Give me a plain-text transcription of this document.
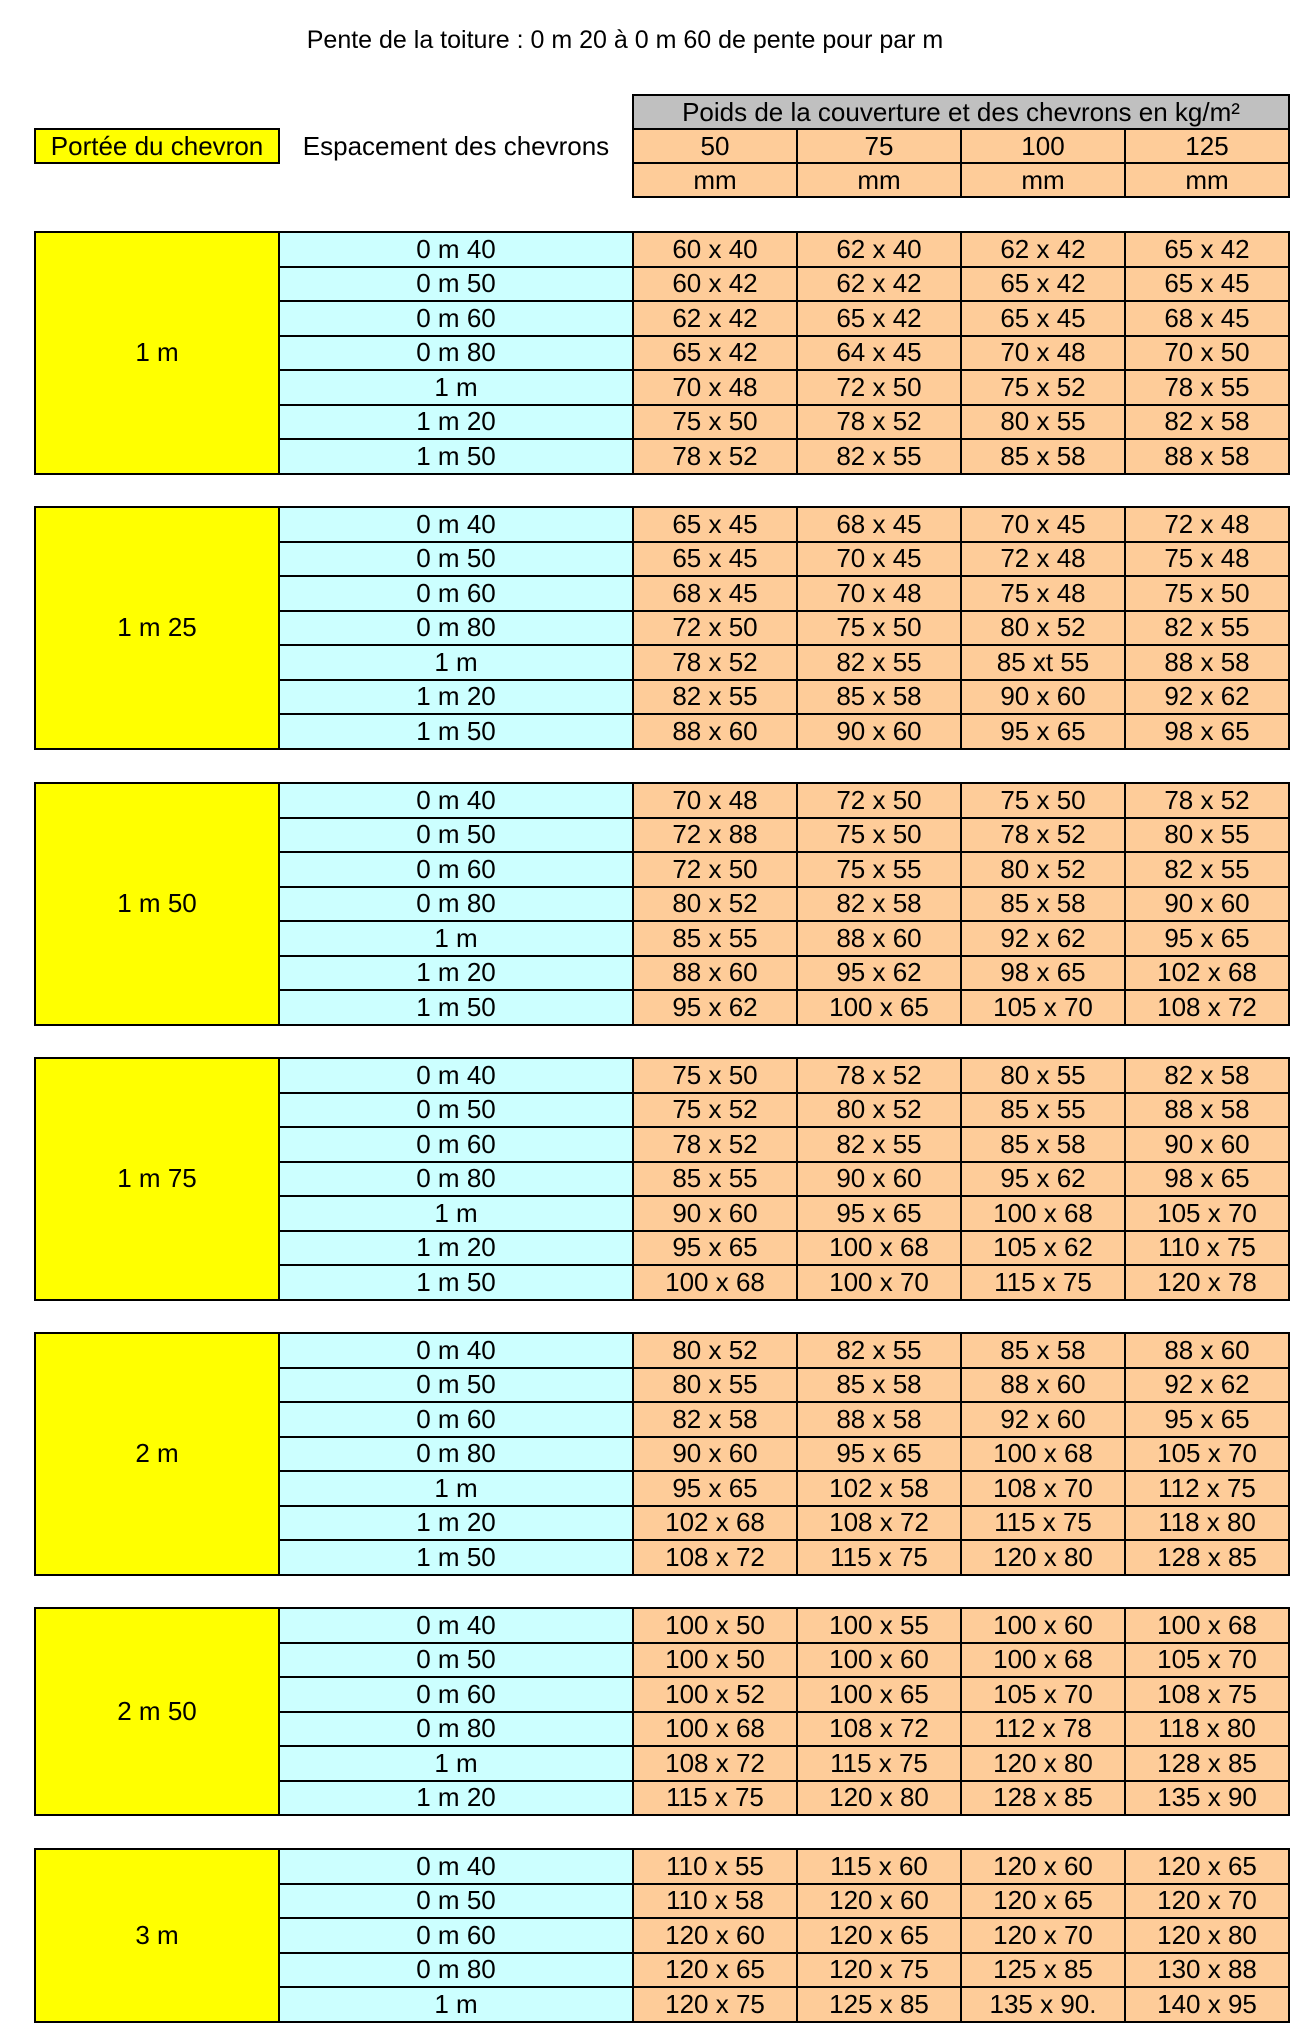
Pente de la toiture : 0 m 20 à 0 m 60 de pente pour par m
Poids de la couverture et des chevrons en kg/m²
Portée du chevron	Espacement des chevrons	50	75	100	125
mm	mm	mm	mm
1 m
0 m 40	60 x 40	62 x 40	62 x 42	65 x 42
0 m 50	60 x 42	62 x 42	65 x 42	65 x 45
0 m 60	62 x 42	65 x 42	65 x 45	68 x 45
0 m 80	65 x 42	64 x 45	70 x 48	70 x 50
1 m	70 x 48	72 x 50	75 x 52	78 x 55
1 m 20	75 x 50	78 x 52	80 x 55	82 x 58
1 m 50	78 x 52	82 x 55	85 x 58	88 x 58
1 m 25
0 m 40	65 x 45	68 x 45	70 x 45	72 x 48
0 m 50	65 x 45	70 x 45	72 x 48	75 x 48
0 m 60	68 x 45	70 x 48	75 x 48	75 x 50
0 m 80	72 x 50	75 x 50	80 x 52	82 x 55
1 m	78 x 52	82 x 55	85 xt 55	88 x 58
1 m 20	82 x 55	85 x 58	90 x 60	92 x 62
1 m 50	88 x 60	90 x 60	95 x 65	98 x 65
1 m 50
0 m 40	70 x 48	72 x 50	75 x 50	78 x 52
0 m 50	72 x 88	75 x 50	78 x 52	80 x 55
0 m 60	72 x 50	75 x 55	80 x 52	82 x 55
0 m 80	80 x 52	82 x 58	85 x 58	90 x 60
1 m	85 x 55	88 x 60	92 x 62	95 x 65
1 m 20	88 x 60	95 x 62	98 x 65	102 x 68
1 m 50	95 x 62	100 x 65	105 x 70	108 x 72
1 m 75
0 m 40	75 x 50	78 x 52	80 x 55	82 x 58
0 m 50	75 x 52	80 x 52	85 x 55	88 x 58
0 m 60	78 x 52	82 x 55	85 x 58	90 x 60
0 m 80	85 x 55	90 x 60	95 x 62	98 x 65
1 m	90 x 60	95 x 65	100 x 68	105 x 70
1 m 20	95 x 65	100 x 68	105 x 62	110 x 75
1 m 50	100 x 68	100 x 70	115 x 75	120 x 78
2 m
0 m 40	80 x 52	82 x 55	85 x 58	88 x 60
0 m 50	80 x 55	85 x 58	88 x 60	92 x 62
0 m 60	82 x 58	88 x 58	92 x 60	95 x 65
0 m 80	90 x 60	95 x 65	100 x 68	105 x 70
1 m	95 x 65	102 x 58	108 x 70	112 x 75
1 m 20	102 x 68	108 x 72	115 x 75	118 x 80
1 m 50	108 x 72	115 x 75	120 x 80	128 x 85
2 m 50
0 m 40	100 x 50	100 x 55	100 x 60	100 x 68
0 m 50	100 x 50	100 x 60	100 x 68	105 x 70
0 m 60	100 x 52	100 x 65	105 x 70	108 x 75
0 m 80	100 x 68	108 x 72	112 x 78	118 x 80
1 m	108 x 72	115 x 75	120 x 80	128 x 85
1 m 20	115 x 75	120 x 80	128 x 85	135 x 90
3 m
0 m 40	110 x 55	115 x 60	120 x 60	120 x 65
0 m 50	110 x 58	120 x 60	120 x 65	120 x 70
0 m 60	120 x 60	120 x 65	120 x 70	120 x 80
0 m 80	120 x 65	120 x 75	125 x 85	130 x 88
1 m	120 x 75	125 x 85	135 x 90.	140 x 95
